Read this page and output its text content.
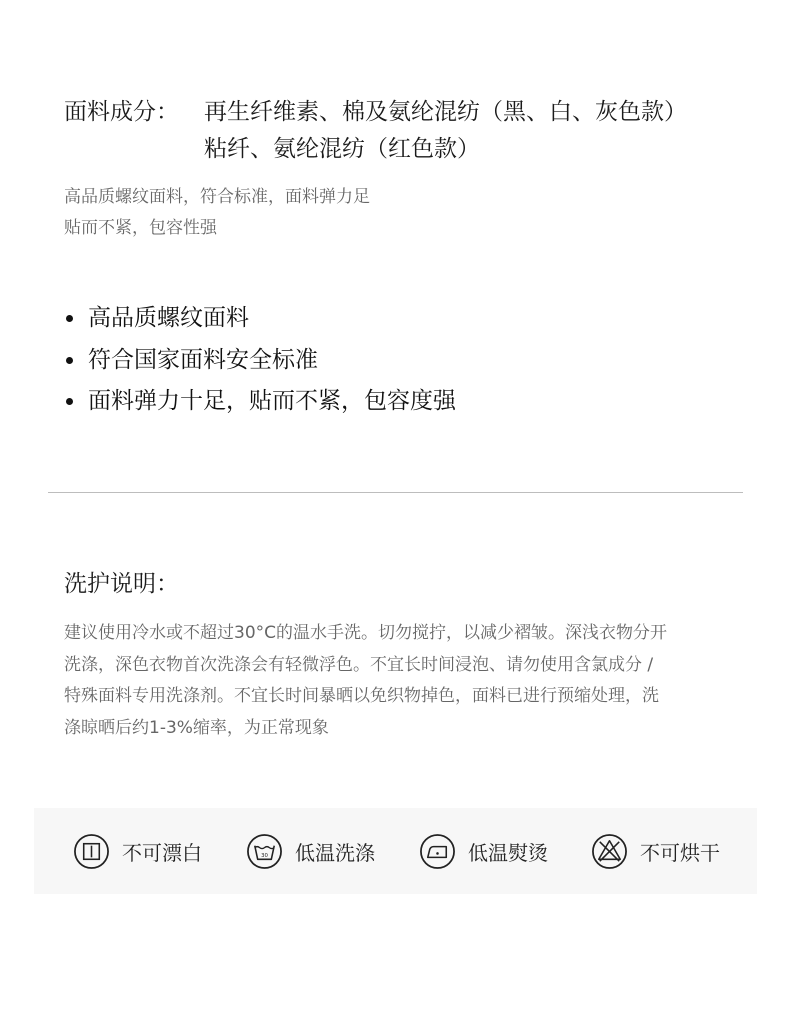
面料成分：	再生纤维素、棉及氨纶混纺（黑、白、灰色款）
粘纤、氨纶混纺（红色款）
高品质螺纹面料，符合标准，面料弹力足
贴而不紧，包容性强
高品质螺纹面料
符合国家面料安全标准
面料弹力十足，贴而不紧，包容度强
洗护说明：
建议使用冷水或不超过30°C的温水手洗。切勿搅拧，以减少褶皱。深浅衣物分开
洗涤，深色衣物首次洗涤会有轻微浮色。不宜长时间浸泡、请勿使用含氯成分 /
特殊面料专用洗涤剂。不宜长时间暴晒以免织物掉色，面料已进行预缩处理，洗
涤晾晒后约1-3%缩率，为正常现象
不可漂白	30 低温洗涤	低温熨烫	不可烘干
